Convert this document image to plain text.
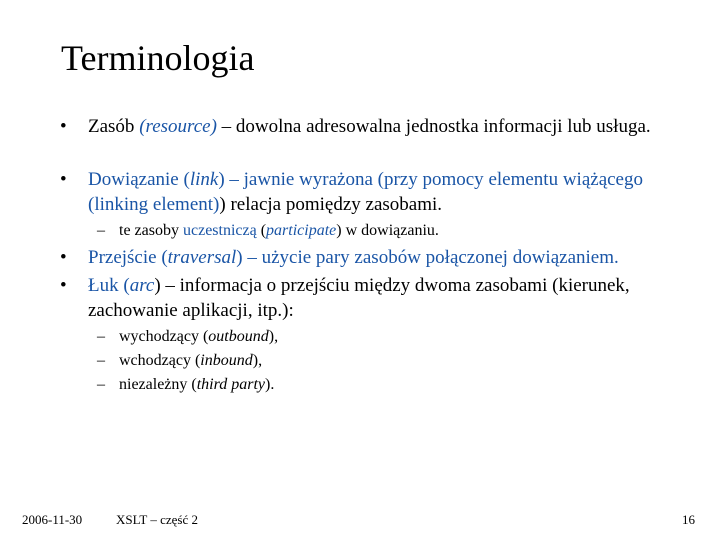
Terminologia
• Zasób (resource) – dowolna adresowalna jednostka informacji lub usługa.
• Dowiązanie (link) – jawnie wyrażona (przy pomocy elementu wiążącego (linking element)) relacja pomiędzy zasobami.
– te zasoby uczestniczą (participate) w dowiązaniu.
• Przejście (traversal) – użycie pary zasobów połączonej dowiązaniem.
• Łuk (arc) – informacja o przejściu między dwoma zasobami (kierunek, zachowanie aplikacji, itp.):
– wychodzący (outbound),
– wchodzący (inbound),
– niezależny (third party).
2006-11-30	XSLT – część 2	16
